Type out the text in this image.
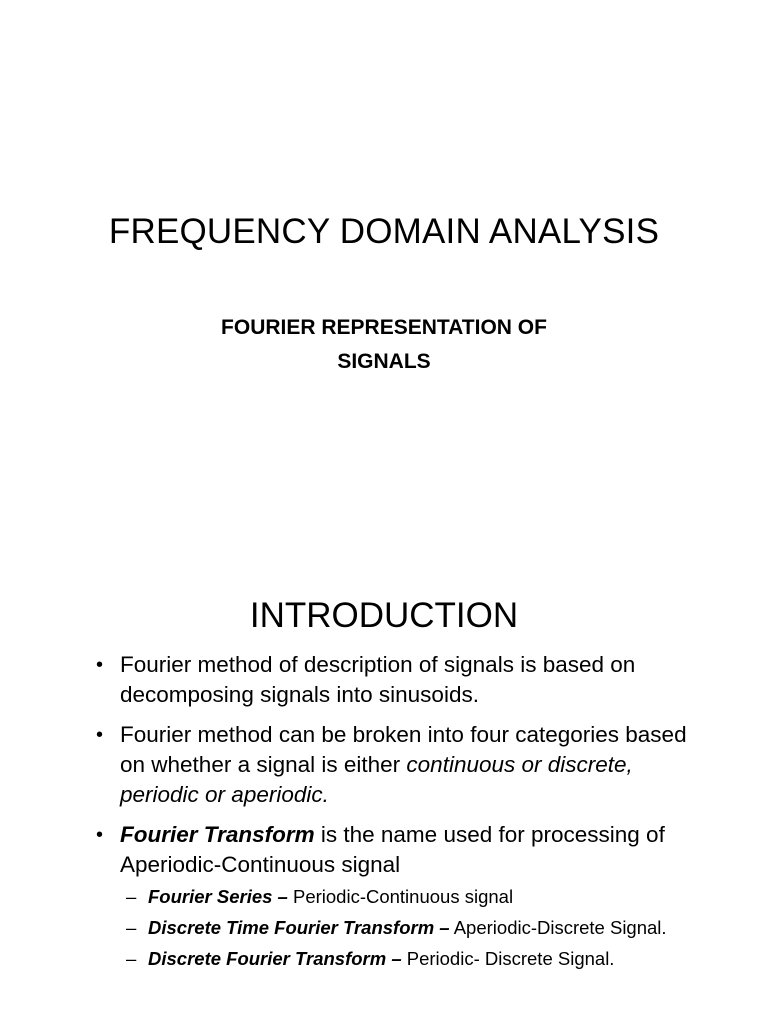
FREQUENCY DOMAIN ANALYSIS
FOURIER REPRESENTATION OF SIGNALS
INTRODUCTION
• Fourier method of description of signals is based on decomposing signals into sinusoids.
• Fourier method can be broken into four categories based on whether a signal is either continuous or discrete, periodic or aperiodic.
• Fourier Transform is the name used for processing of Aperiodic-Continuous signal
– Fourier Series – Periodic-Continuous signal
– Discrete Time Fourier Transform – Aperiodic-Discrete Signal.
– Discrete Fourier Transform – Periodic- Discrete Signal.
